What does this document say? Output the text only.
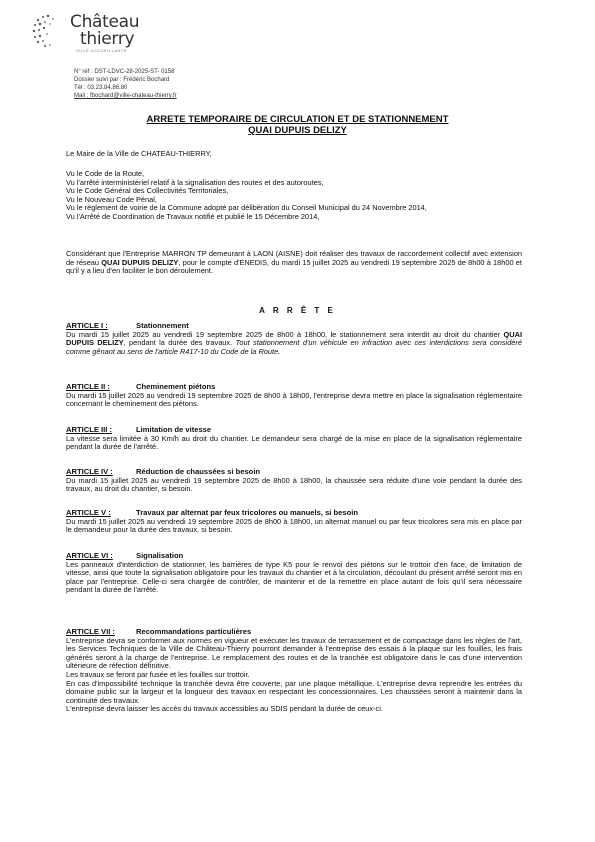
Château
thierry
VILLE ACCUEILLANTE
N° réf : DST-LDVC-28-2025-ST- 0158
Dossier suivi par : Frédéric Bochard
Tél : 03.23.84.86.80
Mail : fbochard@ville-chateau-thierry.fr
ARRETE TEMPORAIRE DE CIRCULATION ET DE STATIONNEMENT
QUAI DUPUIS DELIZY
Le Maire de la Ville de CHATEAU-THIERRY,
Vu le Code de la Route,
Vu l'arrêté interministériel relatif à la signalisation des routes et des autoroutes,
Vu le Code Général des Collectivités Territoriales,
Vu le Nouveau Code Pénal,
Vu le règlement de voirie de la Commune adopté par délibération du Conseil Municipal du 24 Novembre 2014,
Vu l'Arrêté de Coordination de Travaux notifié et publié le 15 Décembre 2014,
Considérant que l'Entreprise MARRON TP demeurant à LAON (AISNE) doit réaliser des travaux de raccordement collectif avec extension de réseau QUAI DUPUIS DELIZY, pour le compte d'ENEDIS, du mardi 15 juillet 2025 au vendredi 19 septembre 2025 de 8h00 à 18h00 et qu'il y a lieu d'en faciliter le bon déroulement.
A R R Ê T E
ARTICLE I :	Stationnement
Du mardi 15 juillet 2025 au vendredi 19 septembre 2025 de 8h00 à 18h00, le stationnement sera interdit au droit du chantier QUAI DUPUIS DELIZY, pendant la durée des travaux. Tout stationnement d'un véhicule en infraction avec ces interdictions sera considéré comme gênant au sens de l'article R417-10 du Code de la Route.
ARTICLE II :	Cheminement piétons
Du mardi 15 juillet 2025 au vendredi 19 septembre 2025 de 8h00 à 18h00, l'entreprise devra mettre en place la signalisation réglementaire concernant le cheminement des piétons.
ARTICLE III :	Limitation de vitesse
La vitesse sera limitée à 30 Km/h au droit du chantier. Le demandeur sera chargé de la mise en place de la signalisation réglementaire pendant la durée de l'arrêté.
ARTICLE IV :	Réduction de chaussées si besoin
Du mardi 15 juillet 2025 au vendredi 19 septembre 2025 de 8h00 à 18h00, la chaussée sera réduite d'une voie pendant la durée des travaux, au droit du chantier, si besoin.
ARTICLE V :	Travaux par alternat par feux tricolores ou manuels, si besoin
Du mardi 15 juillet 2025 au vendredi 19 septembre 2025 de 8h00 à 18h00, un alternat manuel ou par feux tricolores sera mis en place par le demandeur pour la durée des travaux, si besoin.
ARTICLE VI :	Signalisation
Les panneaux d'interdiction de stationner, les barrières de type K5 pour le renvoi des piétons sur le trottoir d'en face, de limitation de vitesse, ainsi que toute la signalisation obligatoire pour les travaux du chantier et à la circulation, découlant du présent arrêté seront mis en place par l'entreprise. Celle-ci sera chargée de contrôler, de maintenir et de la remettre en place autant de fois qu'il sera nécessaire pendant la durée de l'arrêté.
ARTICLE VII :	Recommandations particulières
L'entreprise devra se conformer aux normes en vigueur et exécuter les travaux de terrassement et de compactage dans les règles de l'art, les Services Techniques de la Ville de Château-Thierry pourront demander à l'entreprise des essais à la plaque sur les fouilles, les frais générés seront à la charge de l'entreprise. Le remplacement des routes et de la tranchée est obligatoire dans le cas d'une intervention ultérieure de réfection définitive.
Les travaux se feront par fusée et les fouilles sur trottoir.
En cas d'impossibilité technique la tranchée devra être couverte, par une plaque métallique. L'entreprise devra reprendre les entrées du domaine public sur la largeur et la longueur des travaux en respectant les concessionnaires. Les chaussées seront à maintenir dans la continuité des travaux.
L'entreprise devra laisser les accès du travaux accessibles au SDIS pendant la durée de ceux-ci.
